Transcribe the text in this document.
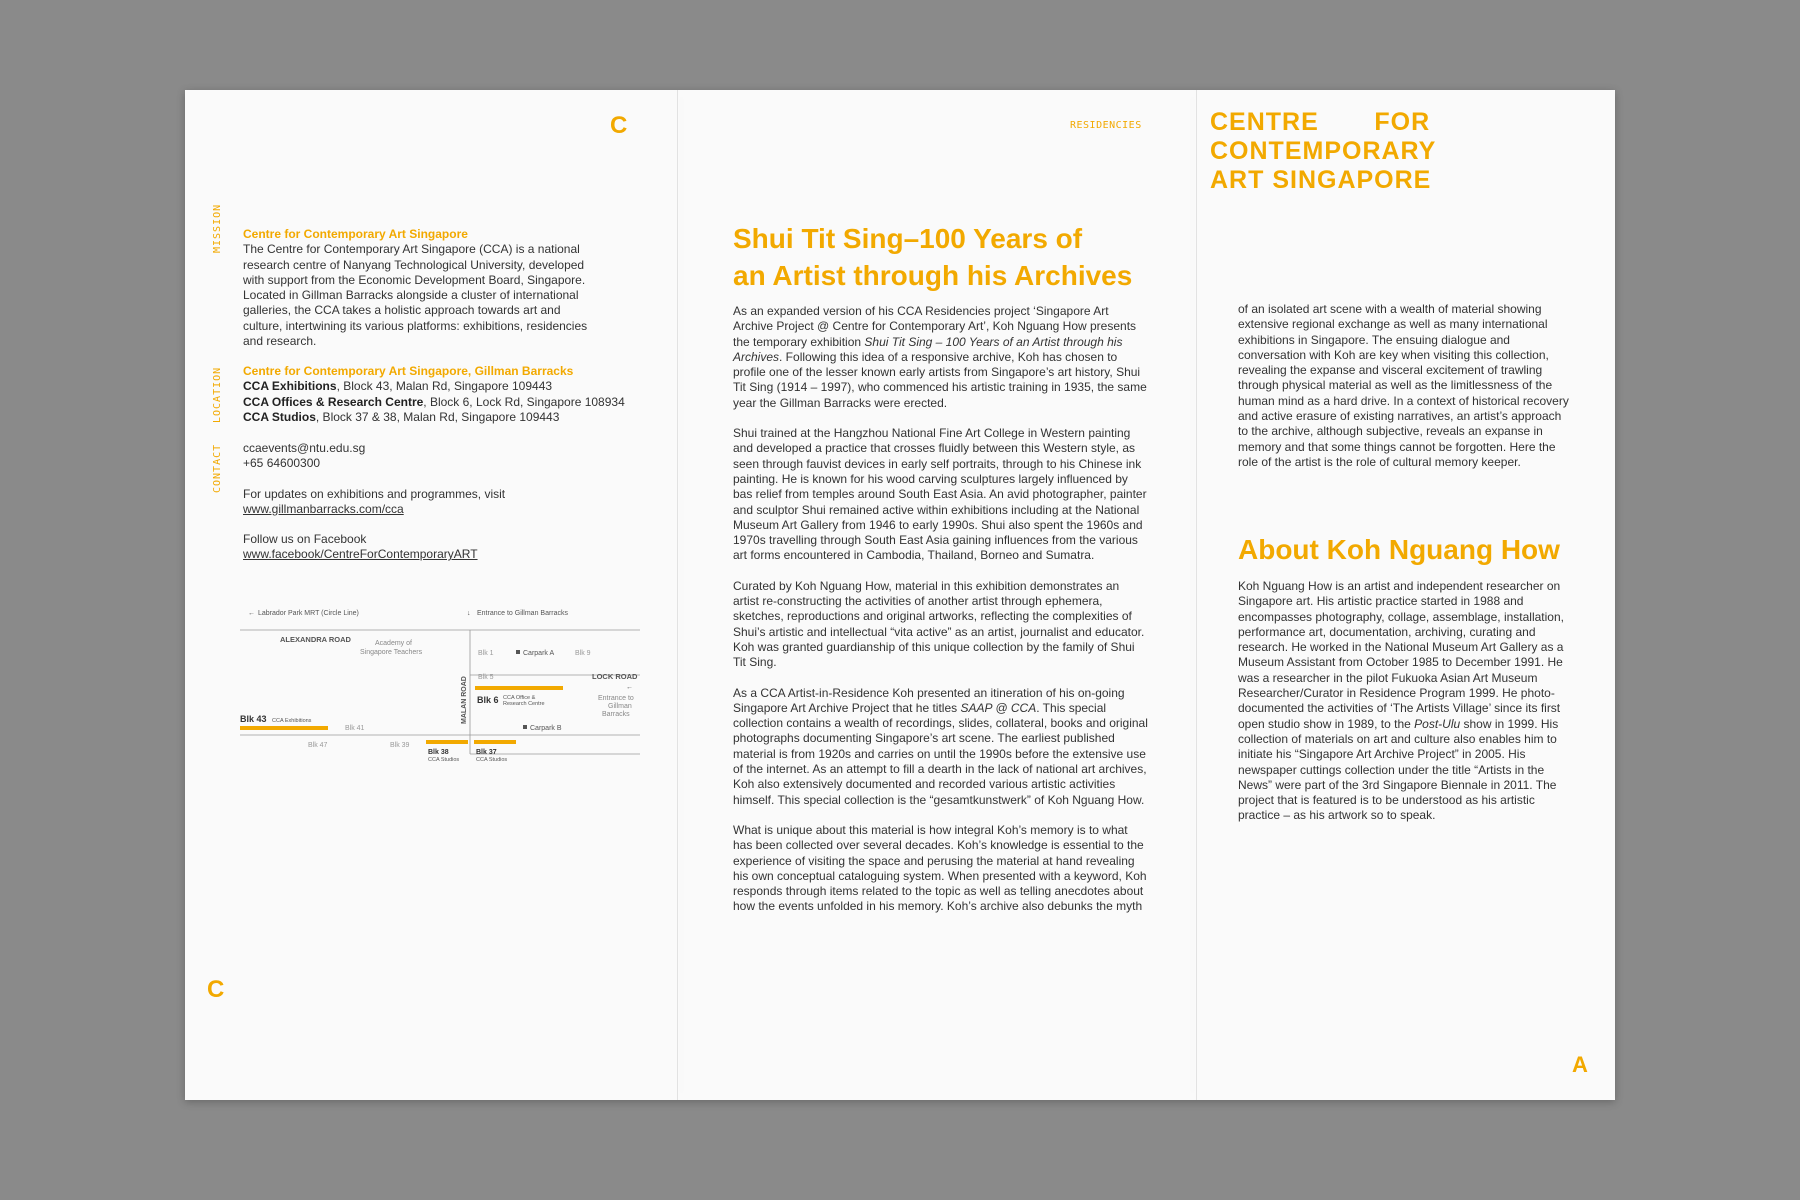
C
C
MISSION
LOCATION
CONTACT
Centre for Contemporary Art Singapore
The Centre for Contemporary Art Singapore (CCA) is a national
research centre of Nanyang Technological University, developed
with support from the Economic Development Board, Singapore.
Located in Gillman Barracks alongside a cluster of international
galleries, the CCA takes a holistic approach towards art and
culture, intertwining its various platforms: exhibitions, residencies
and research.
Centre for Contemporary Art Singapore, Gillman Barracks
CCA Exhibitions, Block 43, Malan Rd, Singapore 109443
CCA Offices & Research Centre, Block 6, Lock Rd, Singapore 108934
CCA Studios, Block 37 & 38, Malan Rd, Singapore 109443
ccaevents@ntu.edu.sg
+65 64600300
For updates on exhibitions and programmes, visit
www.gillmanbarracks.com/cca
Follow us on Facebook
www.facebook/CentreForContemporaryART
Labrador Park MRT (Circle Line)
←	Entrance to Gillman Barracks
↓
ALEXANDRA ROAD	Academy of
Singapore Teachers	Blk 1	Carpark A	Blk 9
Blk 5	LOCK ROAD
Blk 6 CCA Office &
Research Centre
←
Entrance to
Gillman
Barracks
MALAN ROAD
Blk 43 CCA Exhibitions
Blk 41	Carpark B
Blk 47	Blk 39
Blk 38
CCA Studios
Blk 37
CCA Studios
RESIDENCIES
Shui Tit Sing–100 Years of
an Artist through his Archives

As an expanded version of his CCA Residencies project ‘Singapore Art Archive Project @ Centre for Contemporary Art’, Koh Nguang How presents the temporary exhibition Shui Tit Sing – 100 Years of an Artist through his Archives. Following this idea of a responsive archive, Koh has chosen to profile one of the lesser known early artists from Singapore’s art history, Shui Tit Sing (1914 – 1997), who commenced his artistic training in 1935, the same year the Gillman Barracks were erected.

Shui trained at the Hangzhou National Fine Art College in Western painting and developed a practice that crosses fluidly between this Western style, as seen through fauvist devices in early self portraits, through to his Chinese ink painting. He is known for his wood carving sculptures largely influenced by bas relief from temples around South East Asia. An avid photographer, painter and sculptor Shui remained active within exhibitions including at the National Museum Art Gallery from 1946 to early 1990s. Shui also spent the 1960s and 1970s travelling through South East Asia gaining influences from the various art forms encountered in Cambodia, Thailand, Borneo and Sumatra.

Curated by Koh Nguang How, material in this exhibition demonstrates an artist re-constructing the activities of another artist through ephemera, sketches, reproductions and original artworks, reflecting the complexities of Shui’s artistic and intellectual “vita active” as an artist, journalist and educator. Koh was granted guardianship of this unique collection by the family of Shui Tit Sing.

As a CCA Artist-in-Residence Koh presented an itineration of his on-going Singapore Art Archive Project that he titles SAAP @ CCA. This special collection contains a wealth of recordings, slides, collateral, books and original photographs documenting Singapore’s art scene. The earliest published material is from 1920s and carries on until the 1990s before the extensive use of the internet. As an attempt to fill a dearth in the lack of national art archives, Koh also extensively documented and recorded various artistic activities himself. This special collection is the “gesamtkunstwerk” of Koh Nguang How.

What is unique about this material is how integral Koh’s memory is to what has been collected over several decades. Koh’s knowledge is essential to the experience of visiting the space and perusing the material at hand revealing his own conceptual cataloguing system. When presented with a keyword, Koh responds through items related to the topic as well as telling anecdotes about how the events unfolded in his memory. Koh’s archive also debunks the myth

CENTRE       FOR
CONTEMPORARY
ART SINGAPORE
of an isolated art scene with a wealth of material showing extensive regional exchange as well as many international exhibitions in Singapore. The ensuing dialogue and conversation with Koh are key when visiting this collection, revealing the expanse and visceral excitement of trawling through physical material as well as the limitlessness of the human mind as a hard drive. In a context of historical recovery and active erasure of existing narratives, an artist’s approach to the archive, although subjective, reveals an expanse in memory and that some things cannot be forgotten. Here the role of the artist is the role of cultural memory keeper.
About Koh Nguang How
Koh Nguang How is an artist and independent researcher on Singapore art. His artistic practice started in 1988 and encompasses photography, collage, assemblage, installation, performance art, documentation, archiving, curating and research. He worked in the National Museum Art Gallery as a Museum Assistant from October 1985 to December 1991. He was a researcher in the pilot Fukuoka Asian Art Museum Researcher/Curator in Residence Program 1999. He photo-documented the activities of ‘The Artists Village’ since its first open studio show in 1989, to the Post-Ulu show in 1999. His collection of materials on art and culture also enables him to initiate his “Singapore Art Archive Project” in 2005. His newspaper cuttings collection under the title “Artists in the News” were part of the 3rd Singapore Biennale in 2011. The project that is featured is to be understood as his artistic practice – as his artwork so to speak.
A
